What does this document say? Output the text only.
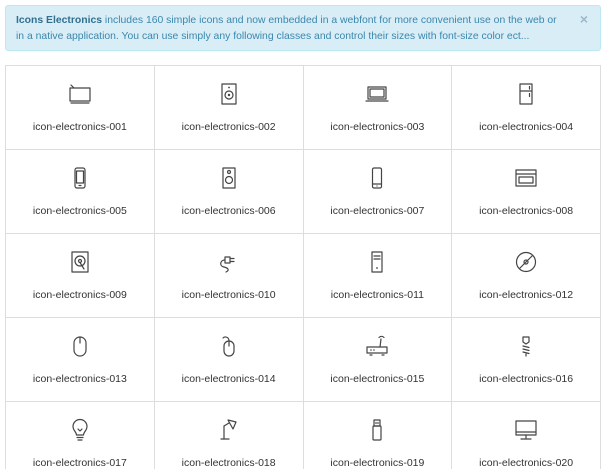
Icons Electronics includes 160 simple icons and now embedded in a webfont for more convenient use on the web or in a native application. You can use simply any following classes and control their sizes with font-size color ect...
×
icon-electronics-001	icon-electronics-002	icon-electronics-003	icon-electronics-004
icon-electronics-005	icon-electronics-006	icon-electronics-007	icon-electronics-008
icon-electronics-009	icon-electronics-010	icon-electronics-011	icon-electronics-012
icon-electronics-013	icon-electronics-014	icon-electronics-015	icon-electronics-016
icon-electronics-017	icon-electronics-018	icon-electronics-019	icon-electronics-020
